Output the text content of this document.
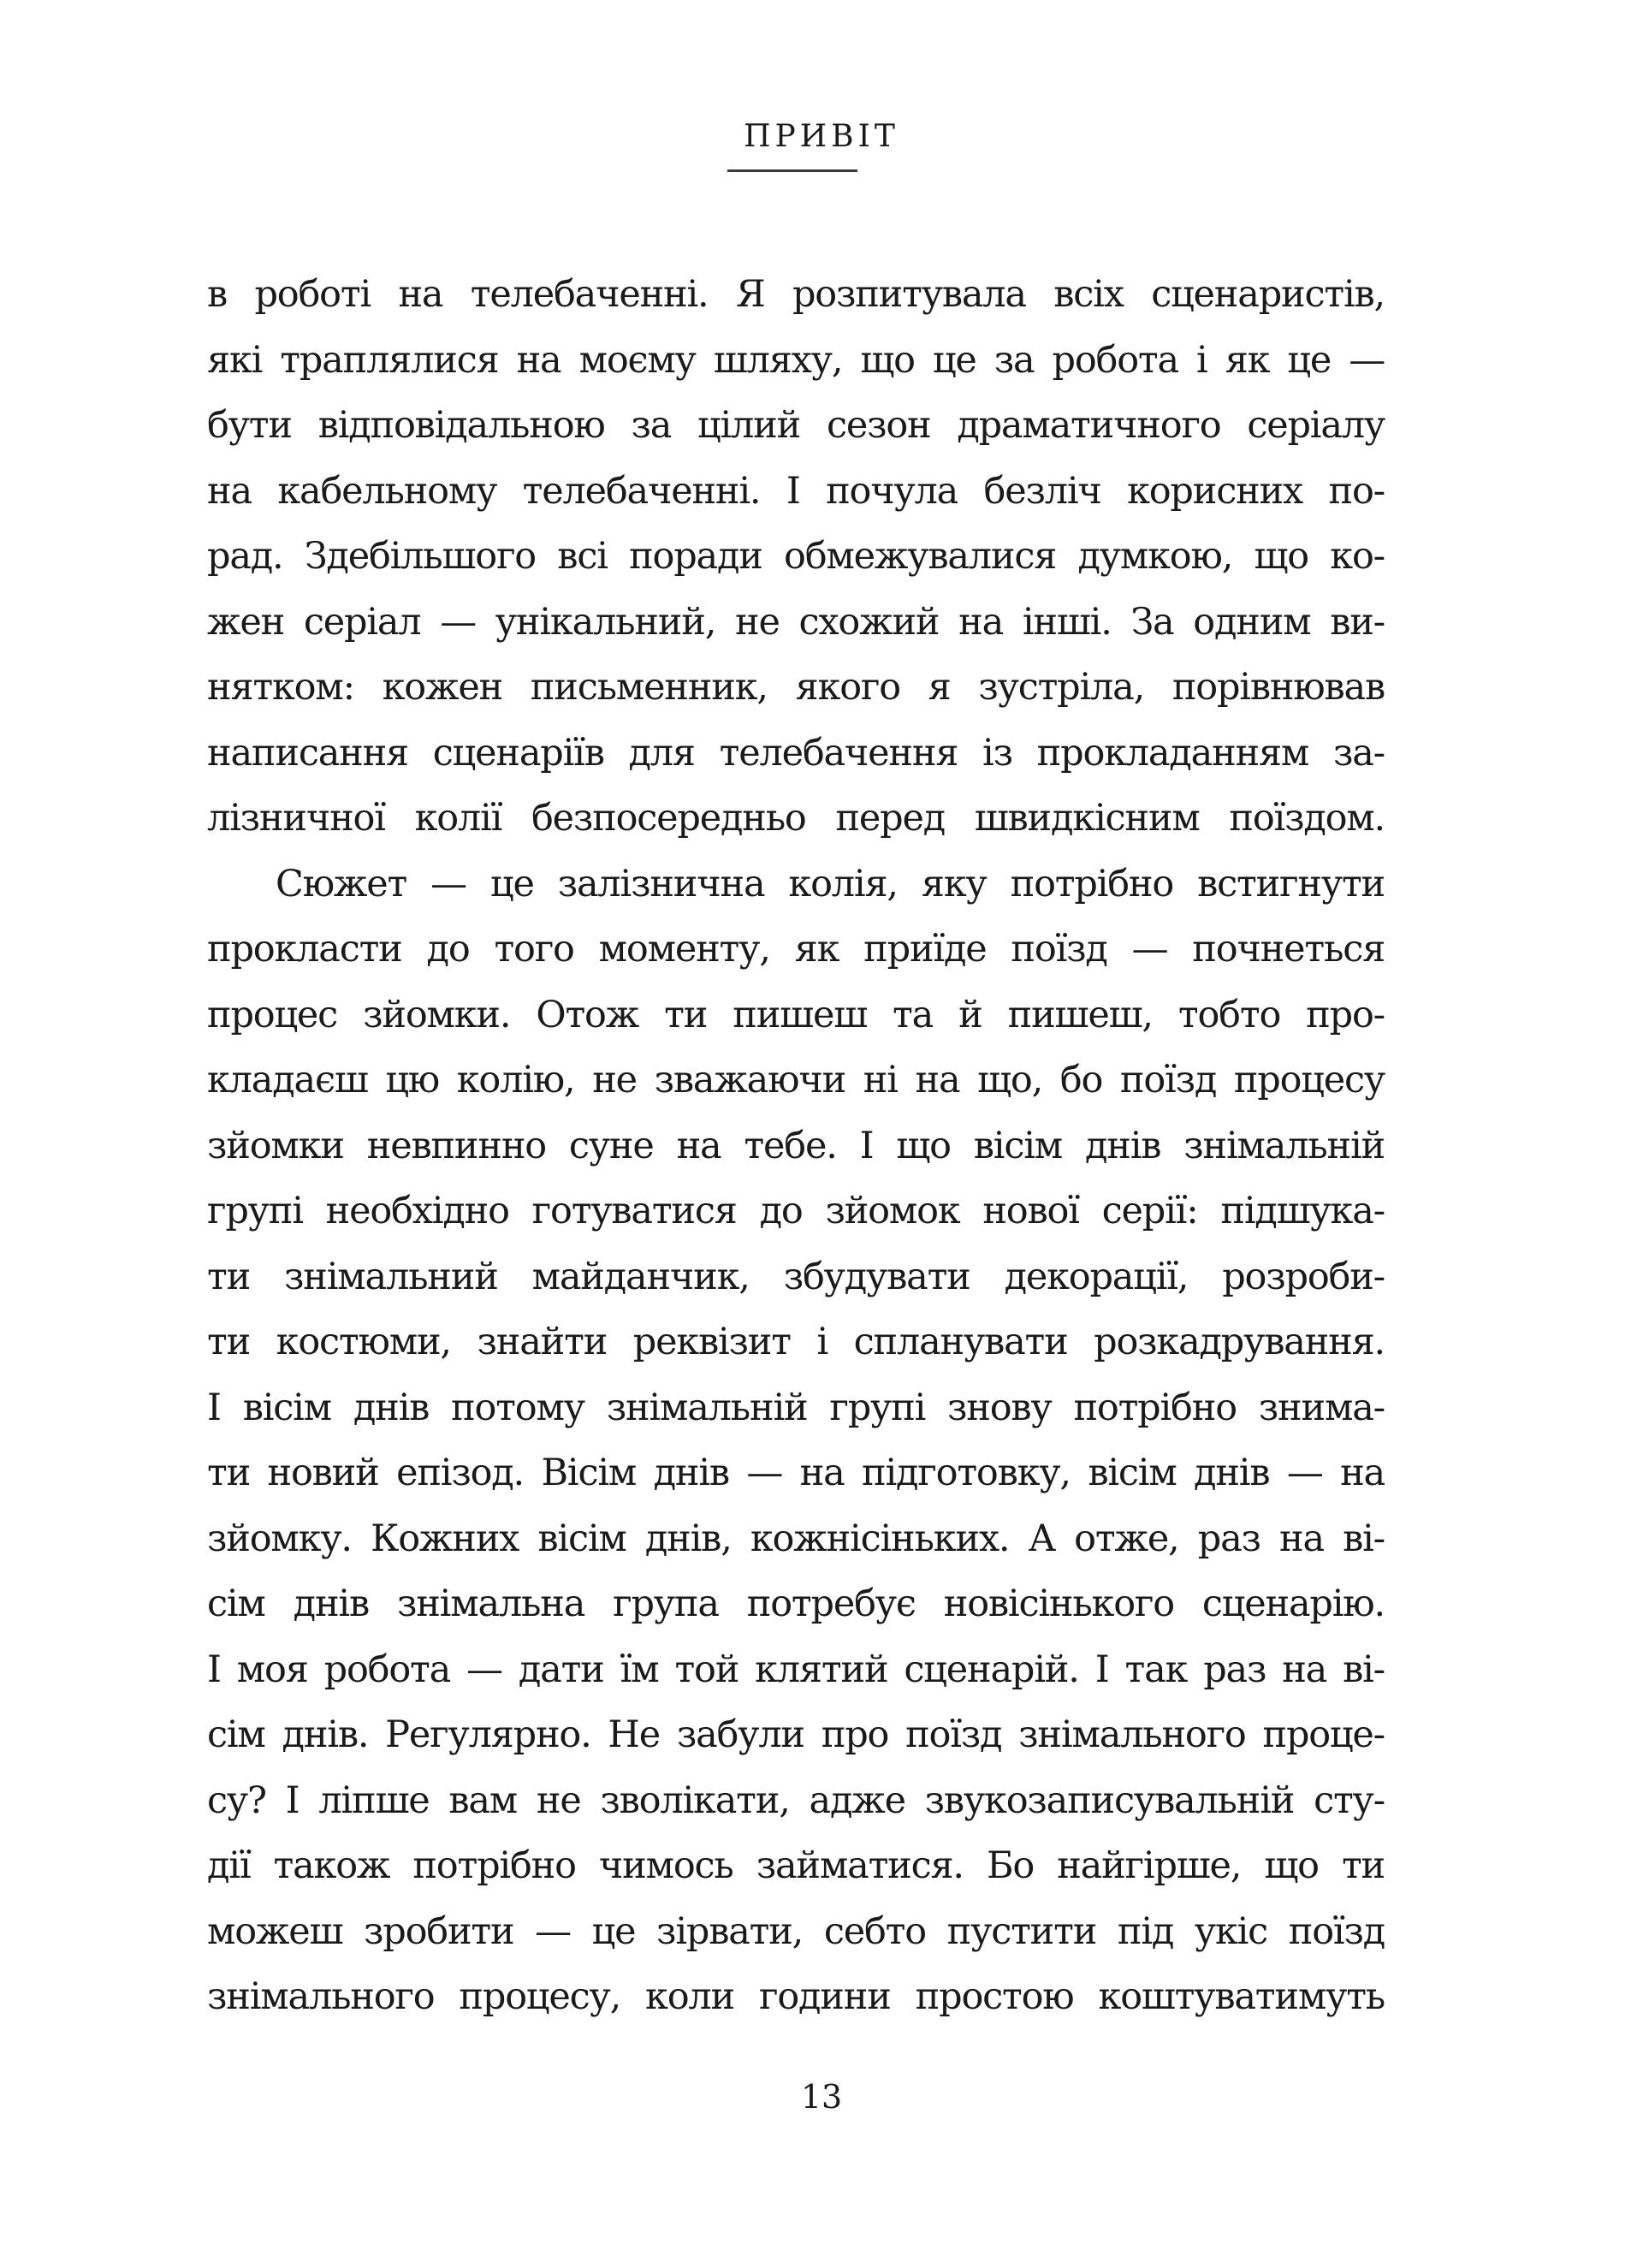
ПРИВІТ
в роботі на телебаченні. Я розпитувала всіх сценаристів,
які траплялися на моєму шляху, що це за робота і як це —
бути відповідальною за цілий сезон драматичного серіалу
на кабельному телебаченні. І почула безліч корисних по-
рад. Здебільшого всі поради обмежувалися думкою, що ко-
жен серіал — унікальний, не схожий на інші. За одним ви-
нятком: кожен письменник, якого я зустріла, порівнював
написання сценаріїв для телебачення із прокладанням за-
лізничної колії безпосередньо перед швидкісним поїздом.
Сюжет — це залізнична колія, яку потрібно встигнути
прокласти до того моменту, як приїде поїзд — почнеться
процес зйомки. Отож ти пишеш та й пишеш, тобто про-
кладаєш цю колію, не зважаючи ні на що, бо поїзд процесу
зйомки невпинно суне на тебе. І що вісім днів знімальній
групі необхідно готуватися до зйомок нової серії: підшука-
ти знімальний майданчик, збудувати декорації, розроби-
ти костюми, знайти реквізит і спланувати розкадрування.
І вісім днів потому знімальній групі знову потрібно знима-
ти новий епізод. Вісім днів — на підготовку, вісім днів — на
зйомку. Кожних вісім днів, кожнісіньких. А отже, раз на ві-
сім днів знімальна група потребує новісінького сценарію.
І моя робота — дати їм той клятий сценарій. І так раз на ві-
сім днів. Регулярно. Не забули про поїзд знімального проце-
су? І ліпше вам не зволікати, адже звукозаписувальній сту-
дії також потрібно чимось займатися. Бо найгірше, що ти
можеш зробити — це зірвати, себто пустити під укіс поїзд
знімального процесу, коли години простою коштуватимуть
13
